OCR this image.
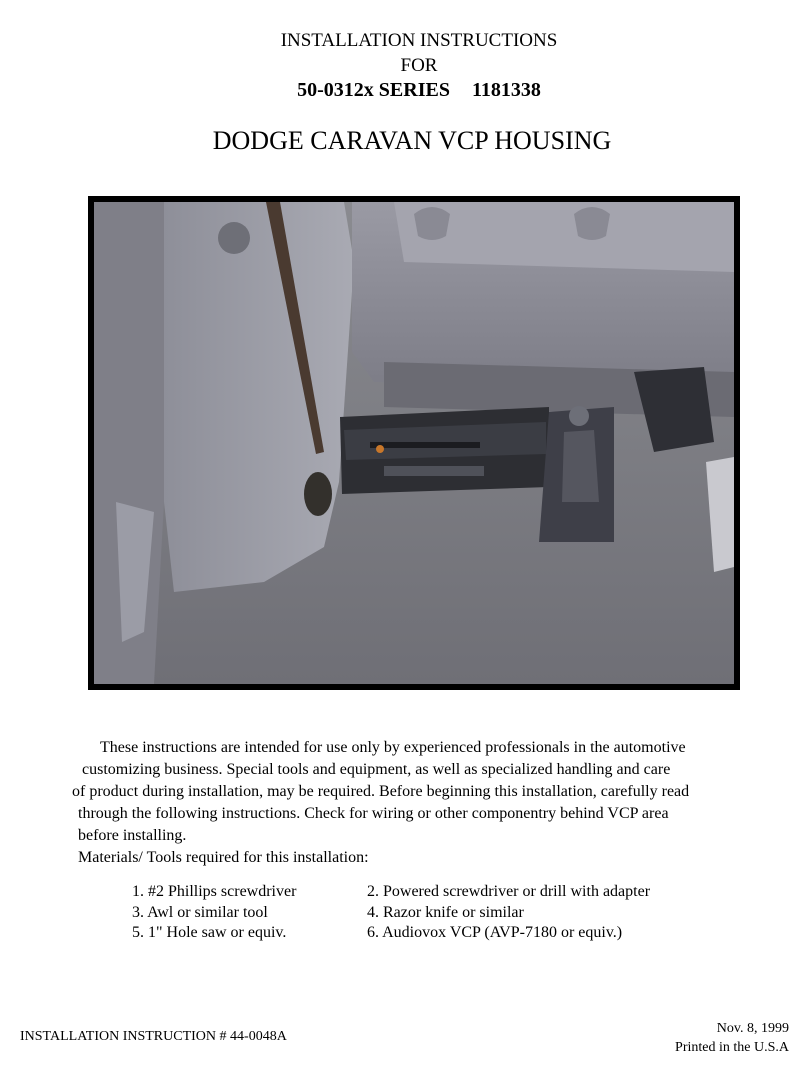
INSTALLATION INSTRUCTIONS
FOR
50-0312x SERIES 1181338
DODGE CARAVAN VCP HOUSING
These instructions are intended for use only by experienced professionals in the automotive
customizing business. Special tools and equipment, as well as specialized handling and care
of product during installation, may be required. Before beginning this installation, carefully read
through the following instructions. Check for wiring or other componentry behind VCP area
before installing.
Materials/ Tools required for this installation:
1. #2 Phillips screwdriver
3. Awl or similar tool
5. 1" Hole saw or equiv.
2. Powered screwdriver or drill with adapter
4. Razor knife or similar
6. Audiovox VCP (AVP-7180 or equiv.)
INSTALLATION INSTRUCTION # 44-0048A
Nov. 8, 1999
Printed in the U.S.A
